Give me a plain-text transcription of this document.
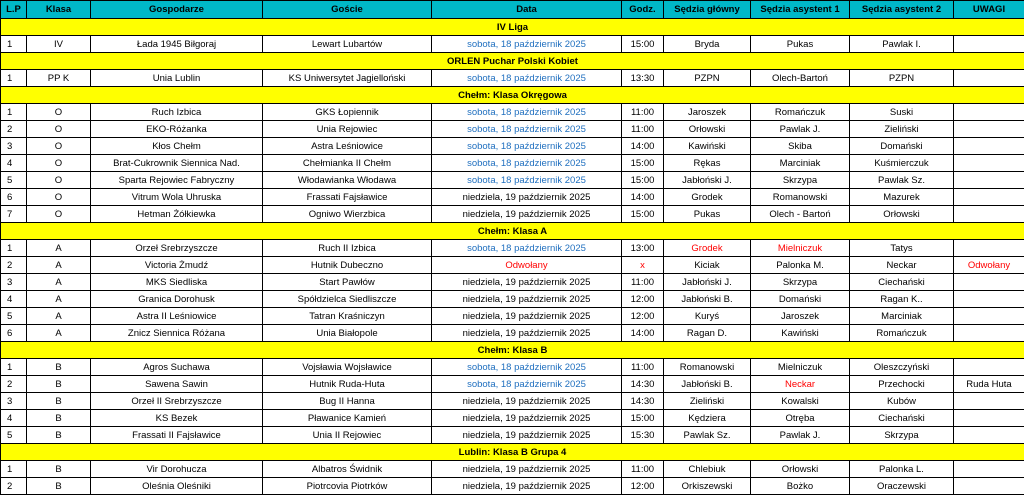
L.P	Klasa	Gospodarze	Goście	Data	Godz.	Sędzia główny	Sędzia asystent 1	Sędzia asystent 2	UWAGI
IV Liga									
1	IV	Łada 1945 Biłgoraj	Lewart Lubartów	sobota, 18 październik 2025	15:00	Bryda	Pukas	Pawlak I.	
ORLEN Puchar Polski Kobiet									
1	PP K	Unia Lublin	KS Uniwersytet Jagielloński	sobota, 18 październik 2025	13:30	PZPN	Olech-Bartoń	PZPN	
Chełm: Klasa Okręgowa									
1	O	Ruch Izbica	GKS Łopiennik	sobota, 18 październik 2025	11:00	Jaroszek	Romańczuk	Suski	
2	O	EKO-Różanka	Unia Rejowiec	sobota, 18 październik 2025	11:00	Orłowski	Pawlak J.	Zieliński	
3	O	Kłos Chełm	Astra Leśniowice	sobota, 18 październik 2025	14:00	Kawiński	Skiba	Domański	
4	O	Brat-Cukrownik Siennica Nad.	Chełmianka II Chełm	sobota, 18 październik 2025	15:00	Rękas	Marciniak	Kuśmierczuk	
5	O	Sparta Rejowiec Fabryczny	Włodawianka Włodawa	sobota, 18 październik 2025	15:00	Jabłoński J.	Skrzypa	Pawlak Sz.	
6	O	Vitrum Wola Uhruska	Frassati Fajsławice	niedziela, 19 październik 2025	14:00	Grodek	Romanowski	Mazurek	
7	O	Hetman Żółkiewka	Ogniwo Wierzbica	niedziela, 19 październik 2025	15:00	Pukas	Olech - Bartoń	Orłowski	
Chełm: Klasa A									
1	A	Orzeł Srebrzyszcze	Ruch II Izbica	sobota, 18 październik 2025	13:00	Grodek	Mielniczuk	Tatys	
2	A	Victoria Żmudź	Hutnik Dubeczno	Odwołany	x	Kiciak	Palonka M.	Neckar	Odwołany
3	A	MKS Siedliska	Start Pawłów	niedziela, 19 październik 2025	11:00	Jabłoński J.	Skrzypa	Ciechański	
4	A	Granica Dorohusk	Spółdzielca Siedliszcze	niedziela, 19 październik 2025	12:00	Jabłoński B.	Domański	Ragan K..	
5	A	Astra II Leśniowice	Tatran Kraśniczyn	niedziela, 19 październik 2025	12:00	Kuryś	Jaroszek	Marciniak	
6	A	Znicz Siennica Różana	Unia Białopole	niedziela, 19 październik 2025	14:00	Ragan D.	Kawiński	Romańczuk	
Chełm: Klasa B									
1	B	Agros Suchawa	Vojsławia Wojsławice	sobota, 18 październik 2025	11:00	Romanowski	Mielniczuk	Oleszczyński	
2	B	Sawena Sawin	Hutnik Ruda-Huta	sobota, 18 październik 2025	14:30	Jabłoński B.	Neckar	Przechocki	Ruda Huta
3	B	Orzeł II Srebrzyszcze	Bug II Hanna	niedziela, 19 październik 2025	14:30	Zieliński	Kowalski	Kubów	
4	B	KS Bezek	Pławanice Kamień	niedziela, 19 październik 2025	15:00	Kędziera	Otręba	Ciechański	
5	B	Frassati II Fajsławice	Unia II Rejowiec	niedziela, 19 październik 2025	15:30	Pawlak Sz.	Pawlak J.	Skrzypa	
Lublin: Klasa B Grupa 4									
1	B	Vir Dorohucza	Albatros Świdnik	niedziela, 19 październik 2025	11:00	Chlebiuk	Orłowski	Palonka L.	
2	B	Oleśnia Oleśniki	Piotrcovia Piotrków	niedziela, 19 październik 2025	12:00	Orkiszewski	Bożko	Oraczewski	
